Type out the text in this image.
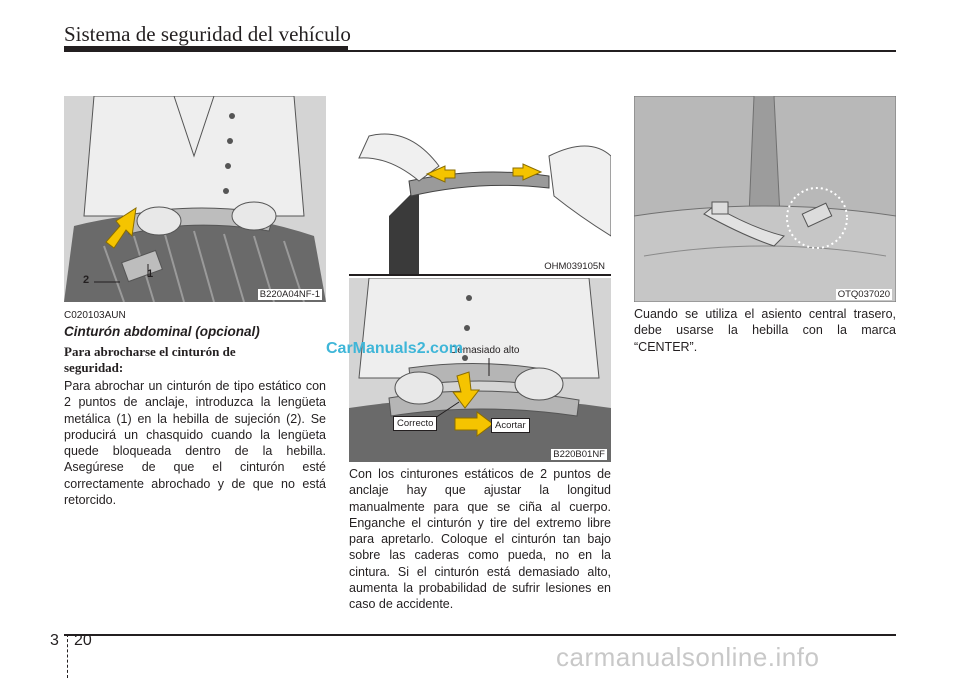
Sistema de seguridad del vehículo
2	1
B220A04NF-1
OHM039105N
Demasiado alto
Correcto	Acortar
B220B01NF
OTQ037020
C020103AUN
Cinturón abdominal (opcional)
Para abrocharse el cinturón de seguridad:
Para abrochar un cinturón de tipo estático con 2 puntos de anclaje, introduzca la lengüeta metálica (1) en la hebilla de sujeción (2). Se producirá un chasquido cuando la lengüeta quede bloqueada dentro de la hebilla. Asegúrese de que el cinturón esté correctamente abrochado y de que no está retorcido.
Con los cinturones estáticos de 2 puntos de anclaje hay que ajustar la longitud manualmente para que se ciña al cuerpo. Enganche el cinturón y tire del extremo libre para apretarlo. Coloque el cinturón tan bajo sobre las caderas como pueda, no en la cintura. Si el cinturón está demasiado alto, aumenta la probabilidad de sufrir lesiones en caso de accidente.
Cuando se utiliza el asiento central trasero, debe usarse la hebilla con la marca “CENTER”.
CarManuals2.com
3 20
carmanualsonline.info
